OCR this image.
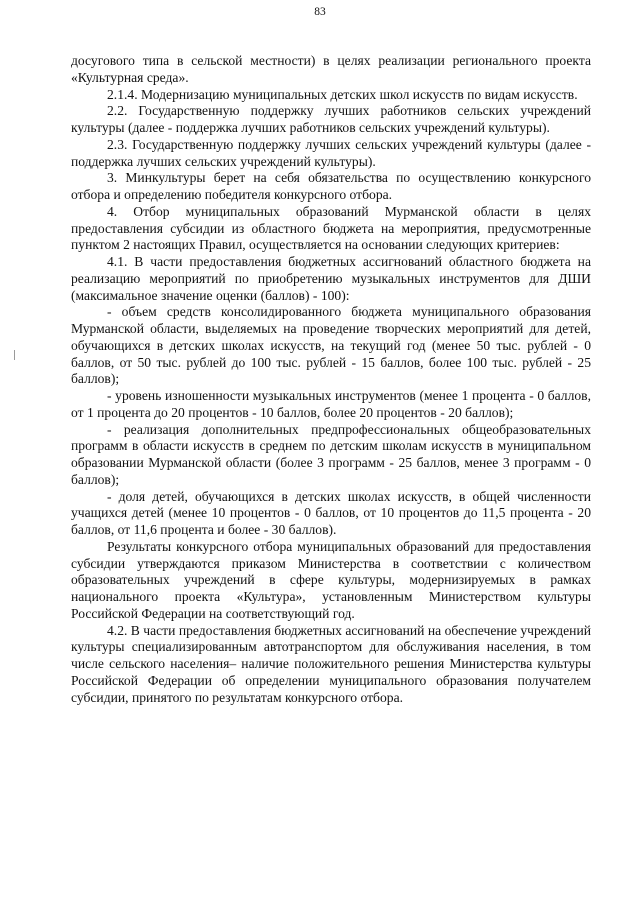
83

досугового типа в сельской местности) в целях реализации регионального проекта «Культурная среда».

2.1.4. Модернизацию муниципальных детских школ искусств по видам искусств.

2.2. Государственную поддержку лучших работников сельских учреждений культуры (далее - поддержка лучших работников сельских учреждений культуры).

2.3. Государственную поддержку лучших сельских учреждений культуры (далее - поддержка лучших сельских учреждений культуры).

3. Минкультуры берет на себя обязательства по осуществлению конкурсного отбора и определению победителя конкурсного отбора.

4. Отбор муниципальных образований Мурманской области в целях предоставления субсидии из областного бюджета на мероприятия, предусмотренные пунктом 2 настоящих Правил, осуществляется на основании следующих критериев:

4.1. В части предоставления бюджетных ассигнований областного бюджета на реализацию мероприятий по приобретению музыкальных инструментов для ДШИ (максимальное значение оценки (баллов) - 100):

- объем средств консолидированного бюджета муниципального образования Мурманской области, выделяемых на проведение творческих мероприятий для детей, обучающихся в детских школах искусств, на текущий год (менее 50 тыс. рублей - 0 баллов, от 50 тыс. рублей до 100 тыс. рублей - 15 баллов, более 100 тыс. рублей - 25 баллов);

- уровень изношенности музыкальных инструментов (менее 1 процента - 0 баллов, от 1 процента до 20 процентов - 10 баллов, более 20 процентов - 20 баллов);

- реализация дополнительных предпрофессиональных общеобразовательных программ в области искусств в среднем по детским школам искусств в муниципальном образовании Мурманской области (более 3 программ - 25 баллов, менее 3 программ - 0 баллов);

- доля детей, обучающихся в детских школах искусств, в общей численности учащихся детей (менее 10 процентов - 0 баллов, от 10 процентов до 11,5 процента - 20 баллов, от 11,6 процента и более - 30 баллов).

Результаты конкурсного отбора муниципальных образований для предоставления субсидии утверждаются приказом Министерства в соответствии с количеством образовательных учреждений в сфере культуры, модернизируемых в рамках национального проекта «Культура», установленным Министерством культуры Российской Федерации на соответствующий год.

4.2. В части предоставления бюджетных ассигнований на обеспечение учреждений культуры специализированным автотранспортом для обслуживания населения, в том числе сельского населения– наличие положительного решения Министерства культуры Российской Федерации об определении муниципального образования получателем субсидии, принятого по результатам конкурсного отбора.
